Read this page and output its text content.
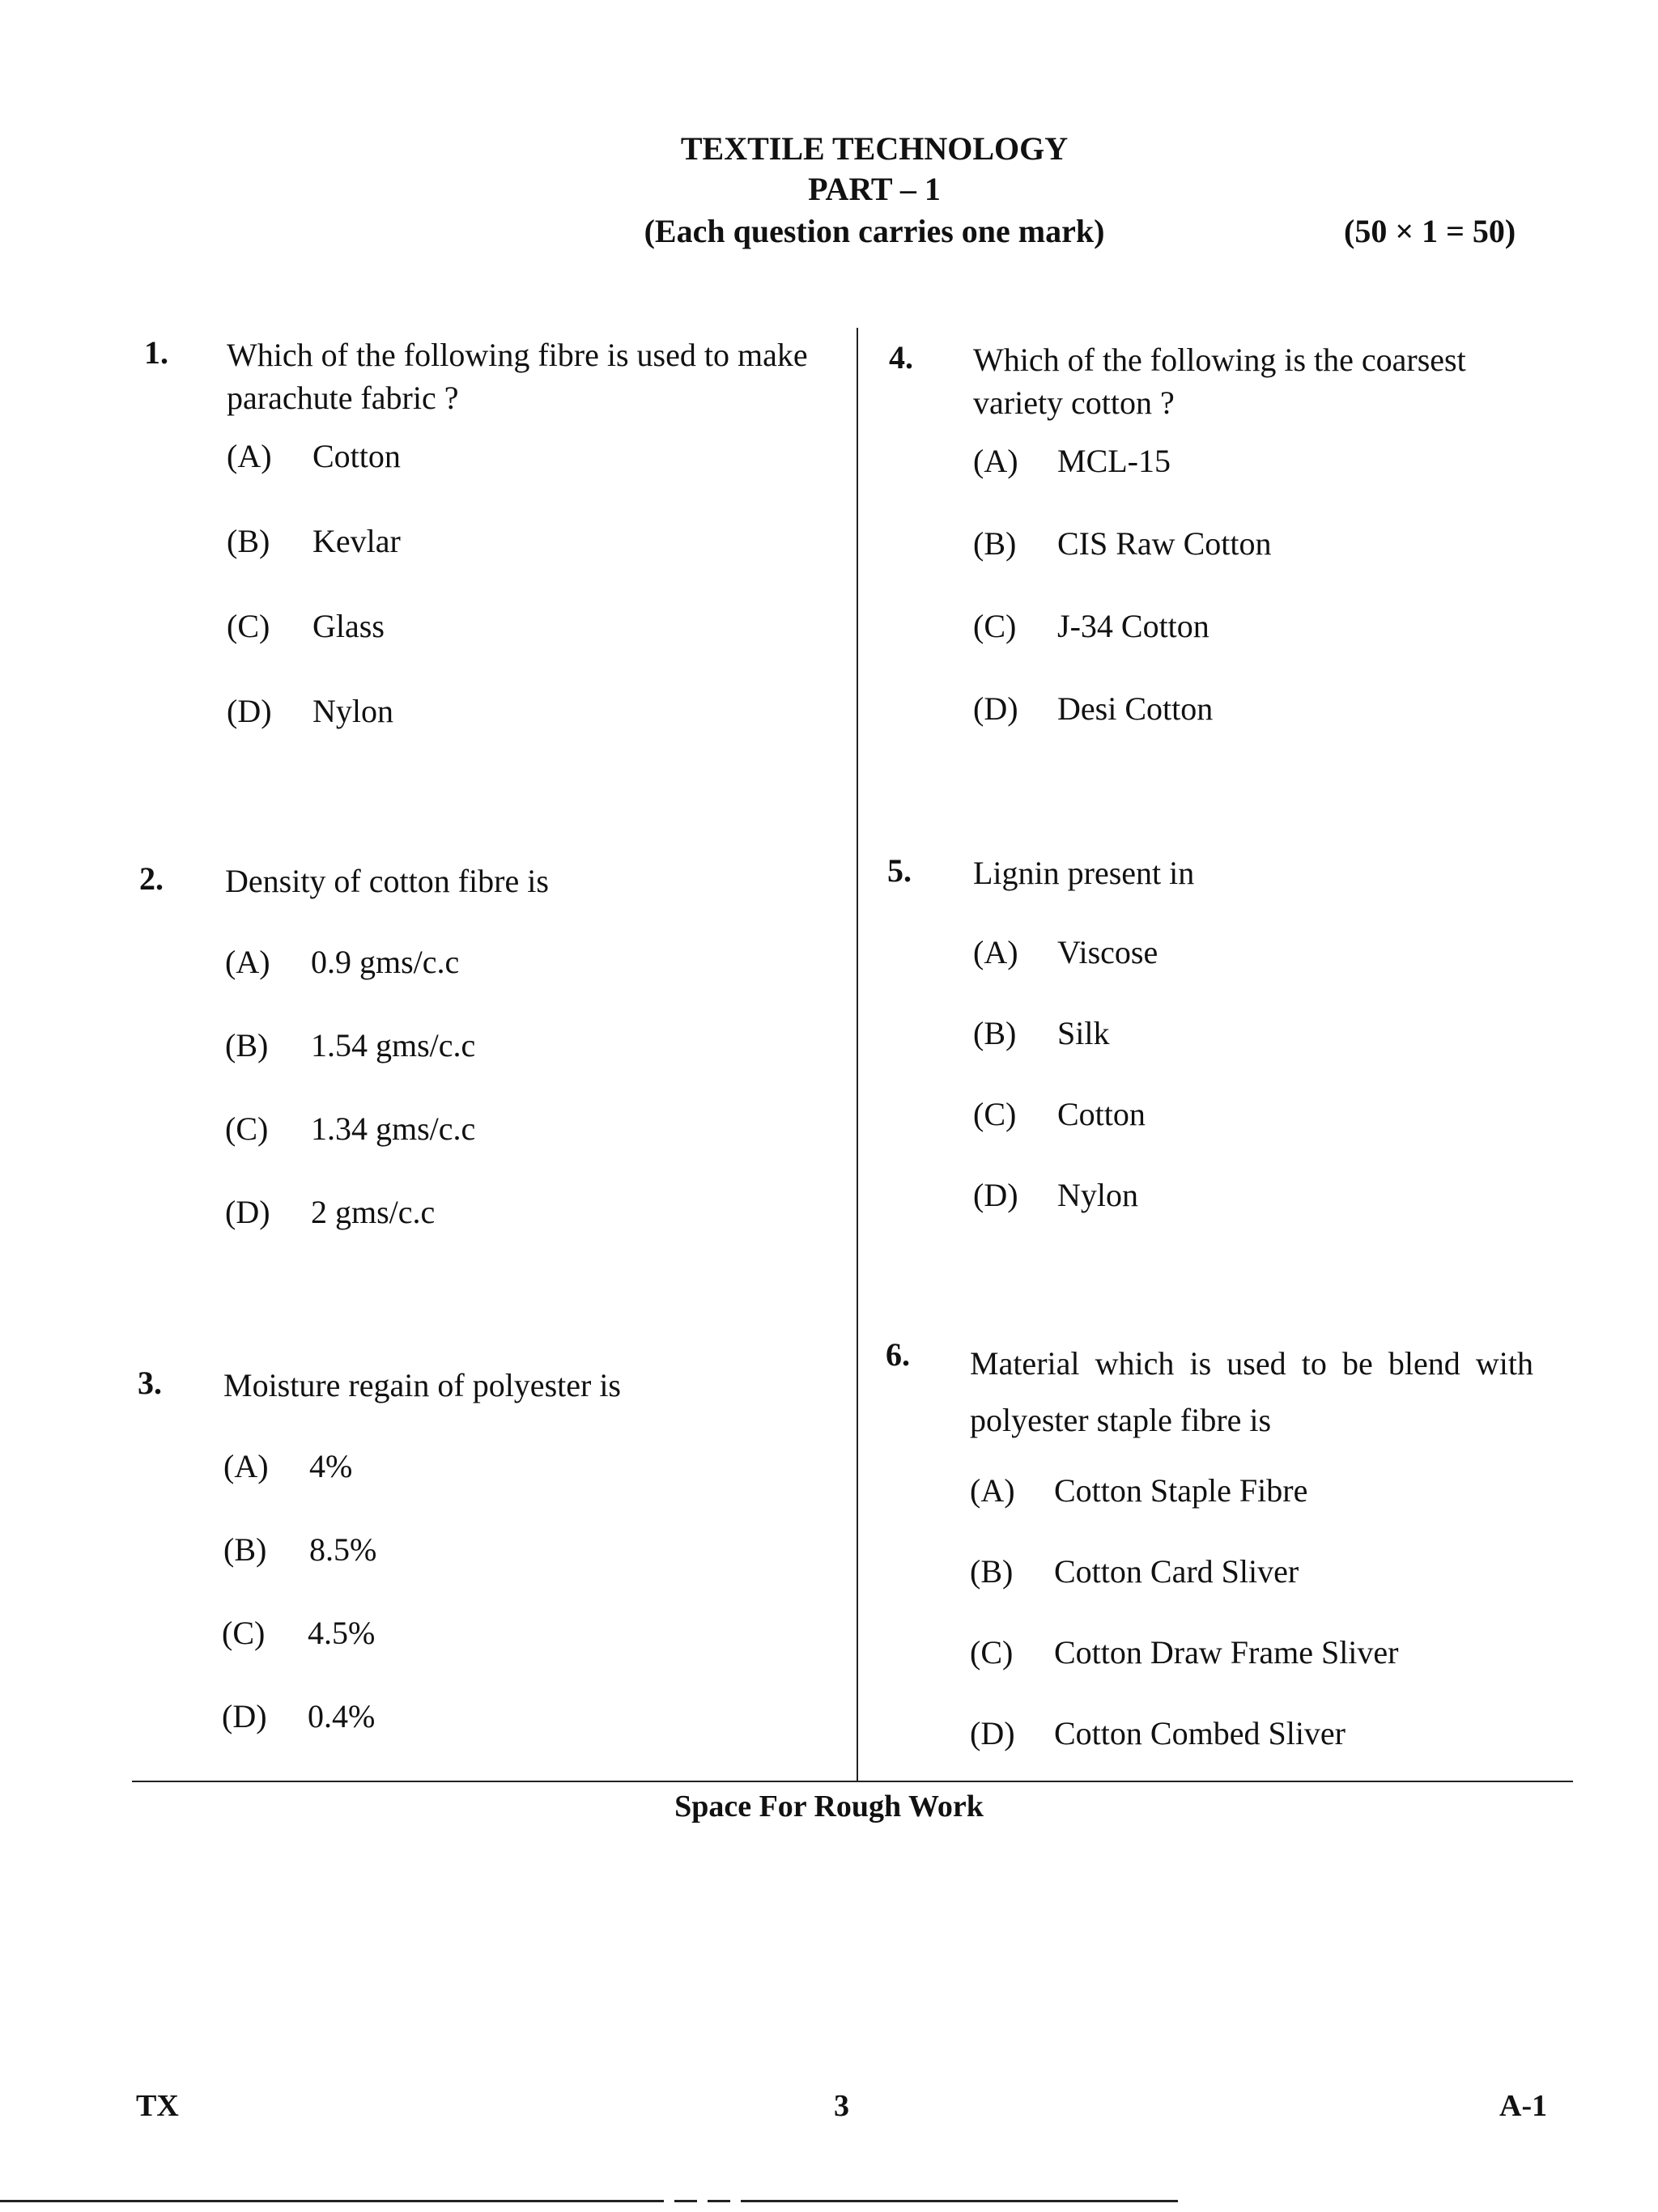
TEXTILE TECHNOLOGY
PART – 1
(Each question carries one mark)	(50 × 1 = 50)
1. Which of the following fibre is used to make parachute fabric ?
(A) Cotton
(B) Kevlar
(C) Glass
(D) Nylon
2. Density of cotton fibre is
(A) 0.9 gms/c.c
(B) 1.54 gms/c.c
(C) 1.34 gms/c.c
(D) 2 gms/c.c
3. Moisture regain of polyester is
(A) 4%
(B) 8.5%
(C) 4.5%
(D) 0.4%
4. Which of the following is the coarsest variety cotton ?
(A) MCL-15
(B) CIS Raw Cotton
(C) J-34 Cotton
(D) Desi Cotton
5. Lignin present in
(A) Viscose
(B) Silk
(C) Cotton
(D) Nylon
6. Material which is used to be blend with polyester staple fibre is
(A) Cotton Staple Fibre
(B) Cotton Card Sliver
(C) Cotton Draw Frame Sliver
(D) Cotton Combed Sliver
Space For Rough Work
TX	3	A-1
